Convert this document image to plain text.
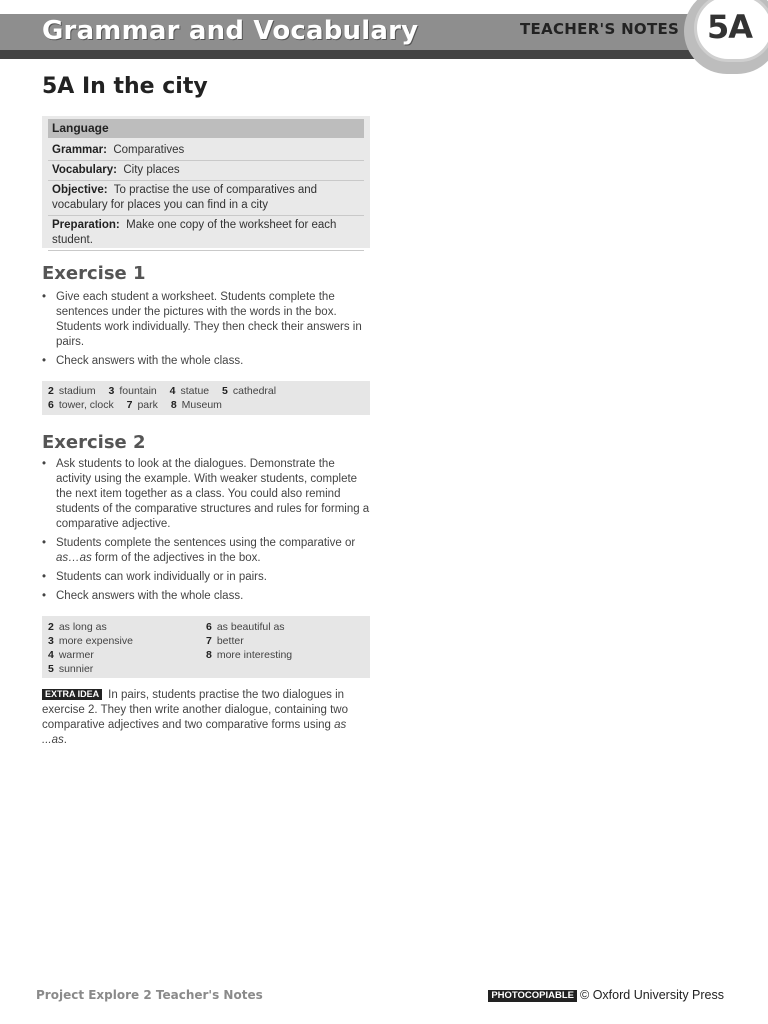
Grammar and Vocabulary	TEACHER'S NOTES 5A
5A In the city
Language
Grammar: Comparatives
Vocabulary: City places
Objective: To practise the use of comparatives and vocabulary for places you can find in a city
Preparation: Make one copy of the worksheet for each student.
Exercise 1
• Give each student a worksheet. Students complete the sentences under the pictures with the words in the box. Students work individually. They then check their answers in pairs.
• Check answers with the whole class.
2 stadium 3 fountain 4 statue 5 cathedral
6 tower, clock 7 park 8 Museum
Exercise 2
• Ask students to look at the dialogues. Demonstrate the activity using the example. With weaker students, complete the next item together as a class. You could also remind students of the comparative structures and rules for forming a comparative adjective.
• Students complete the sentences using the comparative or as…as form of the adjectives in the box.
• Students can work individually or in pairs.
• Check answers with the whole class.
2 as long as
3 more expensive
4 warmer
5 sunnier
6 as beautiful as
7 better
8 more interesting

EXTRA IDEA In pairs, students practise the two dialogues in exercise 2. They then write another dialogue, containing two comparative adjectives and two comparative forms using as ...as.

Project Explore 2 Teacher's Notes	PHOTOCOPIABLE © Oxford University Press
